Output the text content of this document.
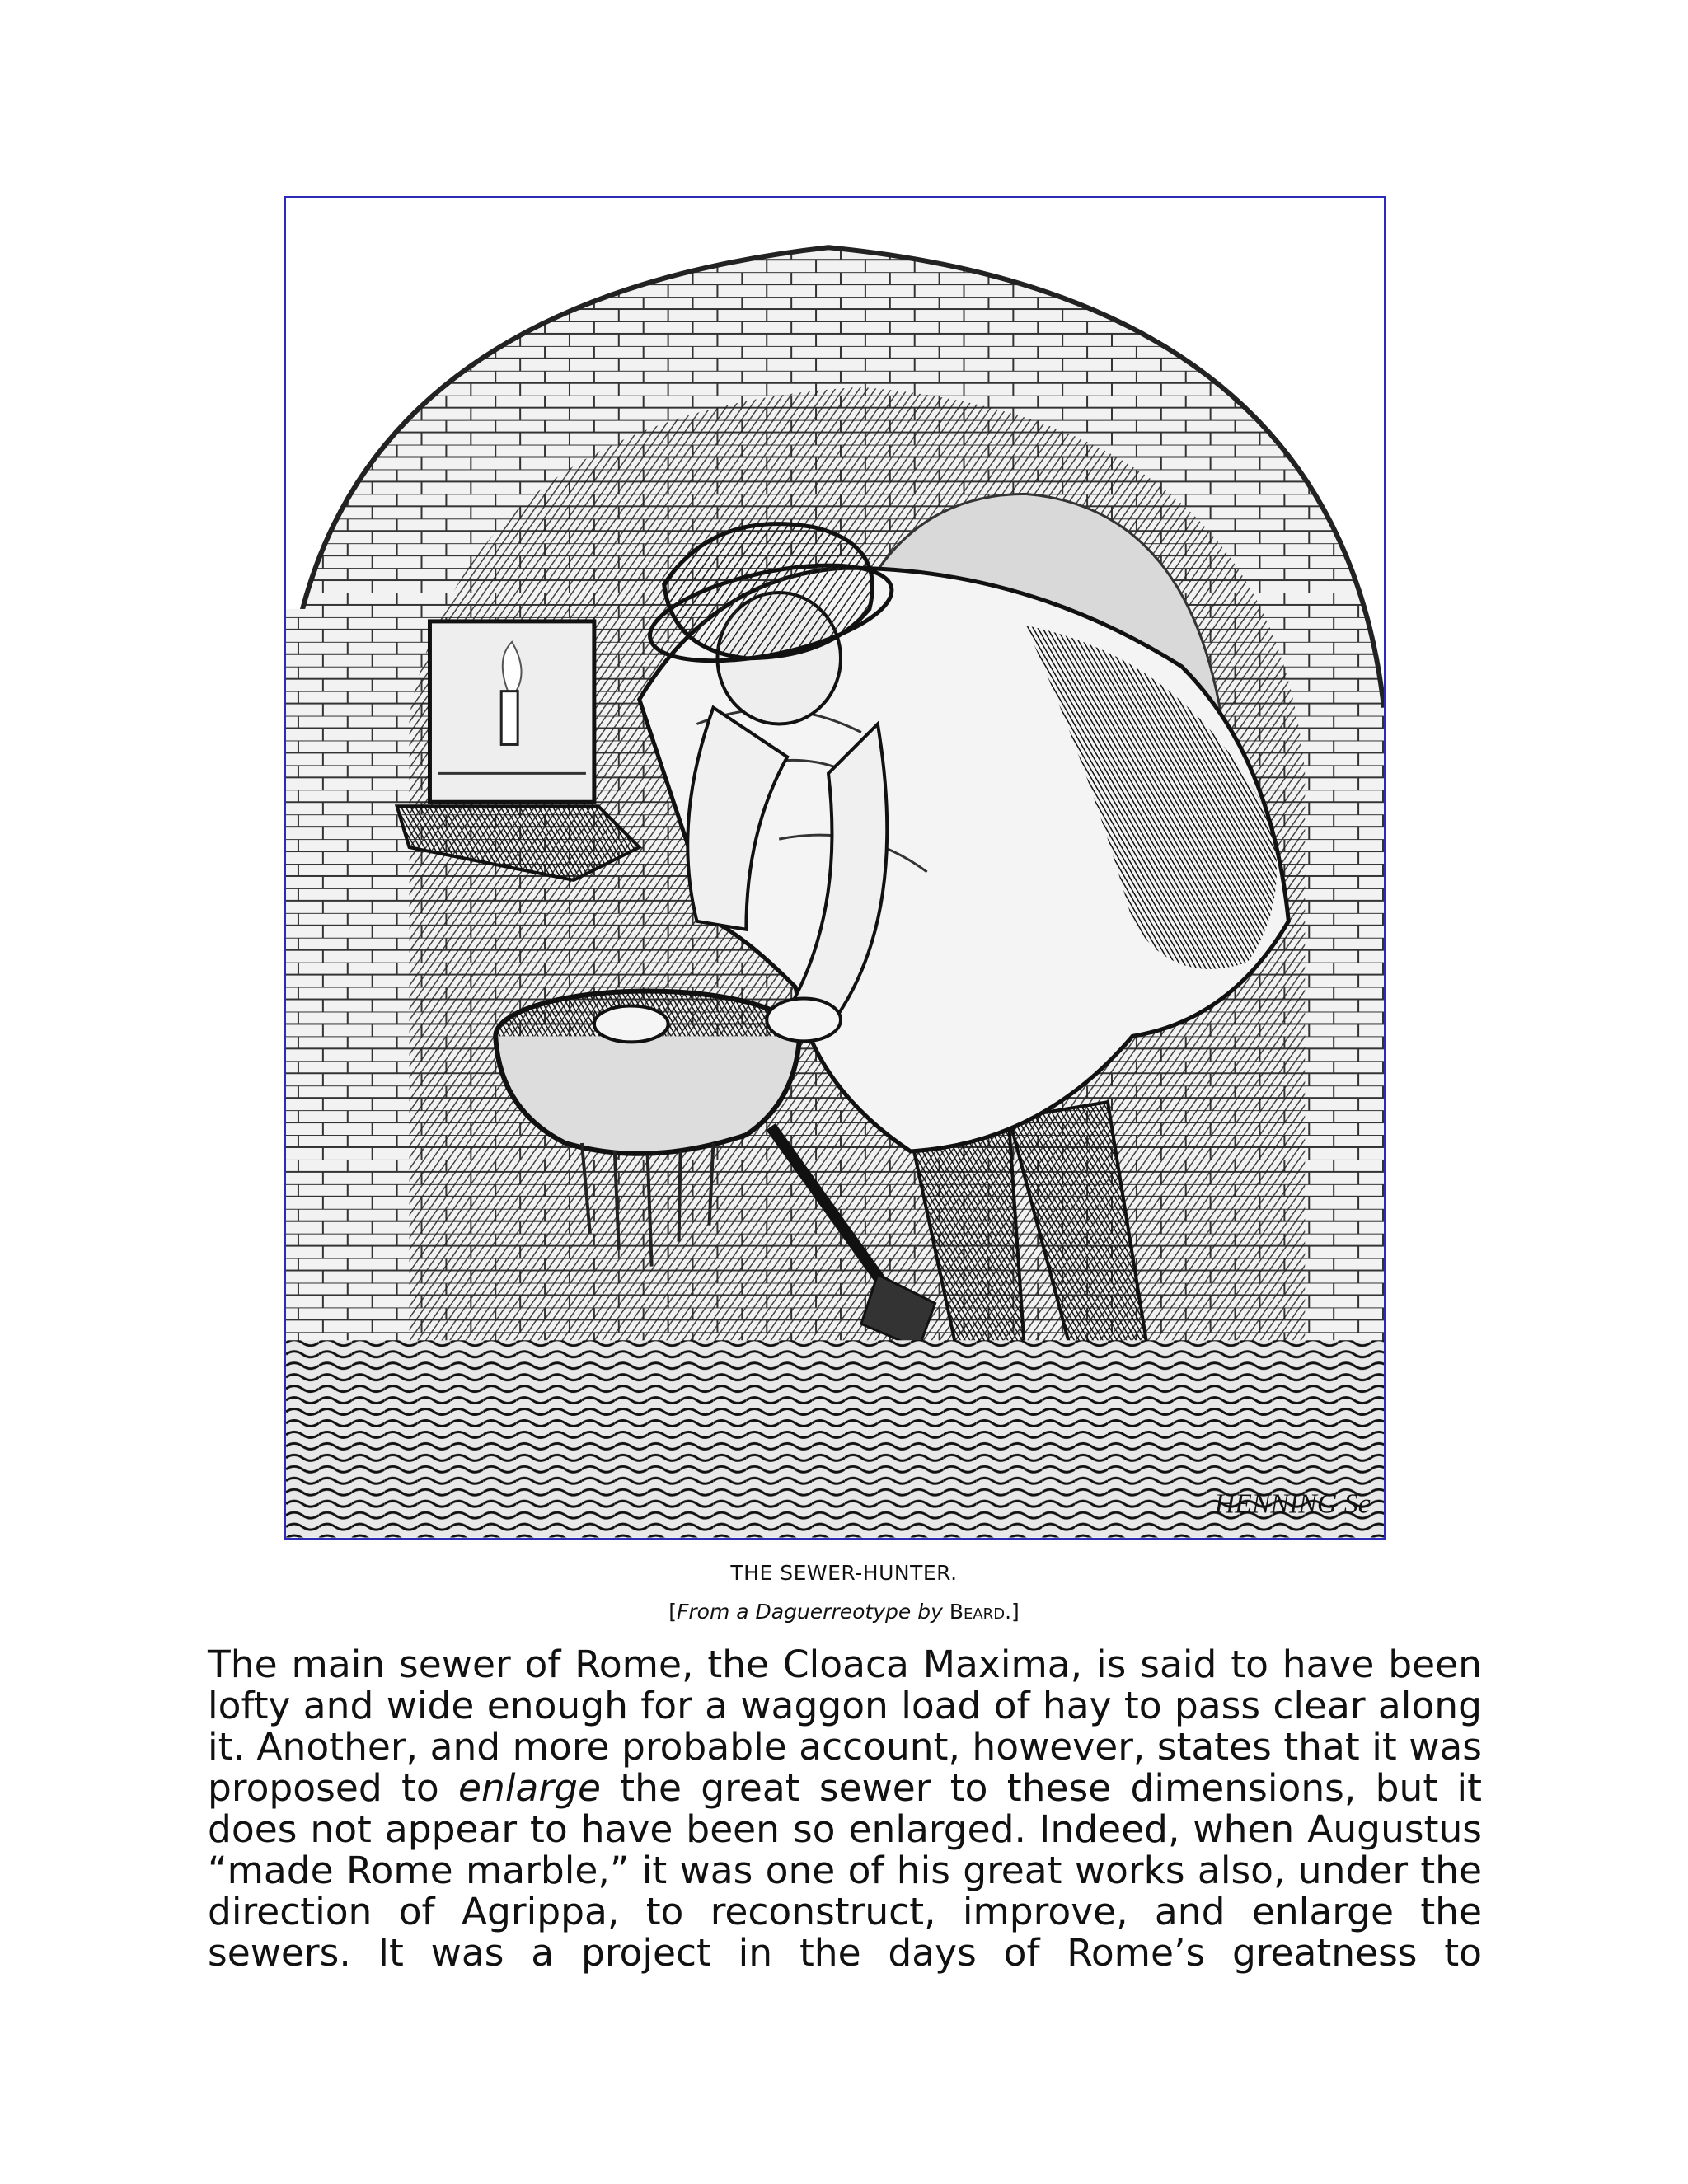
HENNING Sc
THE SEWER-HUNTER.
[From a Daguerreotype by Beard.]

The main sewer of Rome, the Cloaca Maxima, is said to have been lofty and wide enough for a waggon load of hay to pass clear along it. Another, and more probable account, however, states that it was proposed to enlarge the great sewer to these dimensions, but it does not appear to have been so enlarged. Indeed, when Augustus “made Rome marble,” it was one of his great works also, under the direction of Agrippa, to reconstruct, improve, and enlarge the sewers. It was a project in the days of Rome’s greatness to
